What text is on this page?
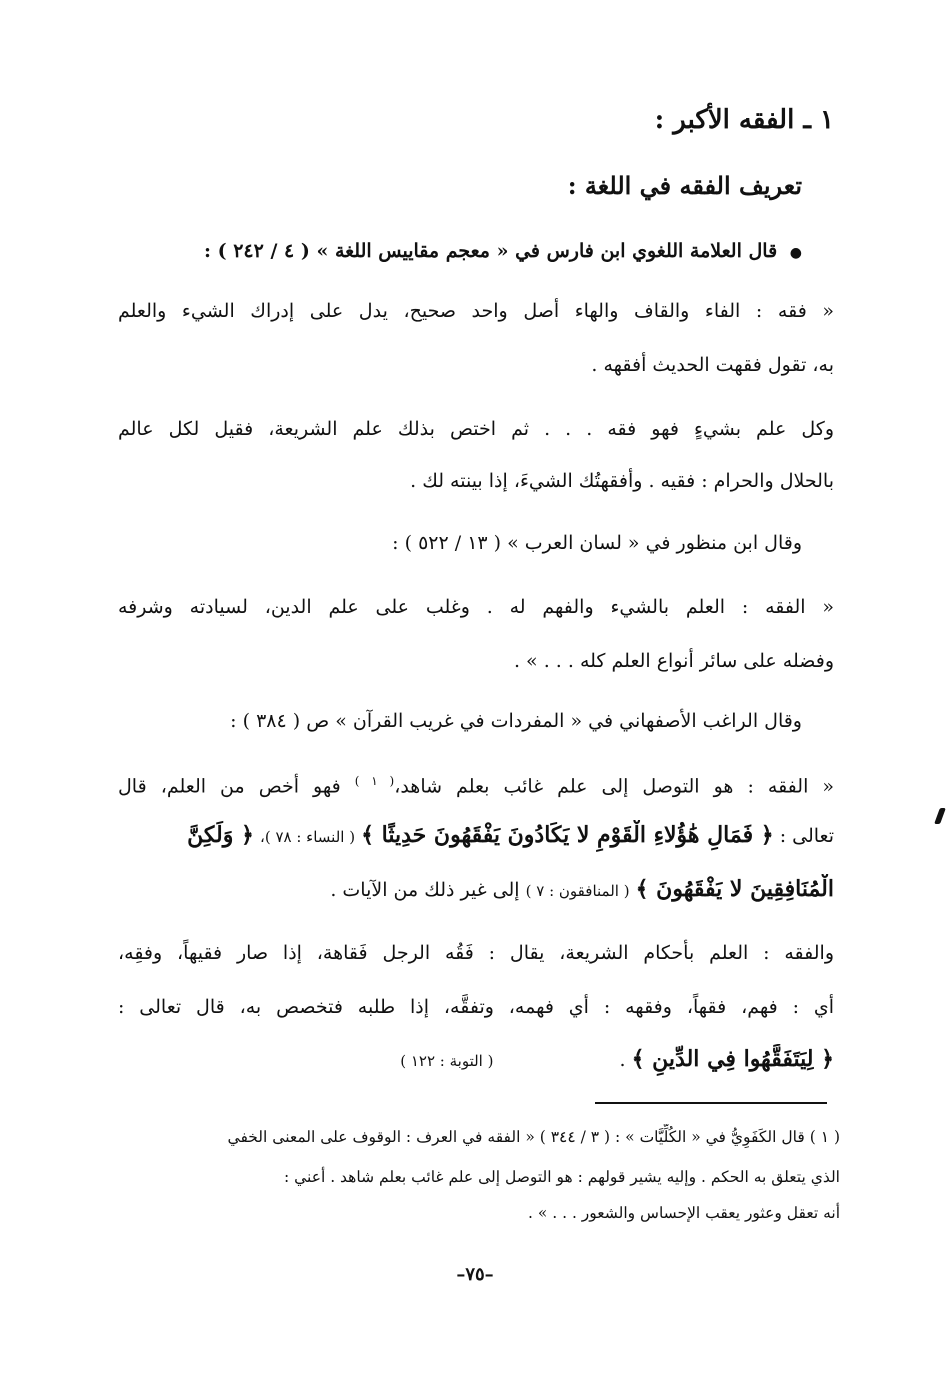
١ ـ الفقه الأكبر :
تعريف الفقه في اللغة :
● قال العلامة اللغوي ابن فارس في « معجم مقاييس اللغة » ( ٤ / ٢٤٢ ) :
« فقه : الفاء والقاف والهاء أصل واحد صحيح، يدل على إدراك الشيء والعلم
به، تقول فقهت الحديث أفقهه .
وكل علم بشيءٍ فهو فقه . . . ثم اختص بذلك علم الشريعة، فقيل لكل عالم
بالحلال والحرام : فقيه . وأفقهتُك الشيءَ، إذا بينته لك .
وقال ابن منظور في « لسان العرب » ( ١٣ / ٥٢٢ ) :
« الفقه : العلم بالشيء والفهم له . وغلب على علم الدين، لسيادته وشرفه
وفضله على سائر أنواع العلم كله . . . » .
وقال الراغب الأصفهاني في « المفردات في غريب القرآن » ص ( ٣٨٤ ) :
« الفقه : هو التوصل إلى علم غائب بعلمٍ شاهد،$^{( ١ )}$ فهو أخص من العلم، قال
تعالى : ﴿ فَمَالِ هَٰؤُلاءِ الْقَوْمِ لا يَكَادُونَ يَفْقَهُونَ حَدِيثًا ﴾ ( النساء : ٧٨ )، ﴿ وَلَكِنَّ
الْمُنَافِقِينَ لا يَفْقَهُونَ ﴾ ( المنافقون : ٧ ) إلى غير ذلك من الآيات .
والفقه : العلم بأحكام الشريعة، يقال : فَقُه الرجل فَقاهة، إذا صار فقيهاً، وفقِه،
أي : فهم، فقهاً، وفقهه : أي فهمه، وتفقَّه، إذا طلبه فتخصص به، قال تعالى :
﴿ لِيَتَفَقَّهُوا فِي الدِّينِ ﴾ . ( التوبة : ١٢٢ )
( ١ ) قال الكَفَوِيُّ في « الكُلِّيَّات » : ( ٣ / ٣٤٤ ) « الفقه في العرف : الوقوف على المعنى الخفي
الذي يتعلق به الحكم . وإليه يشير قولهم : هو التوصل إلى علم غائب بعلم شاهد . أعني :
أنه تعقل وعثور يعقب الإحساس والشعور . . . » .
–٧٥–
